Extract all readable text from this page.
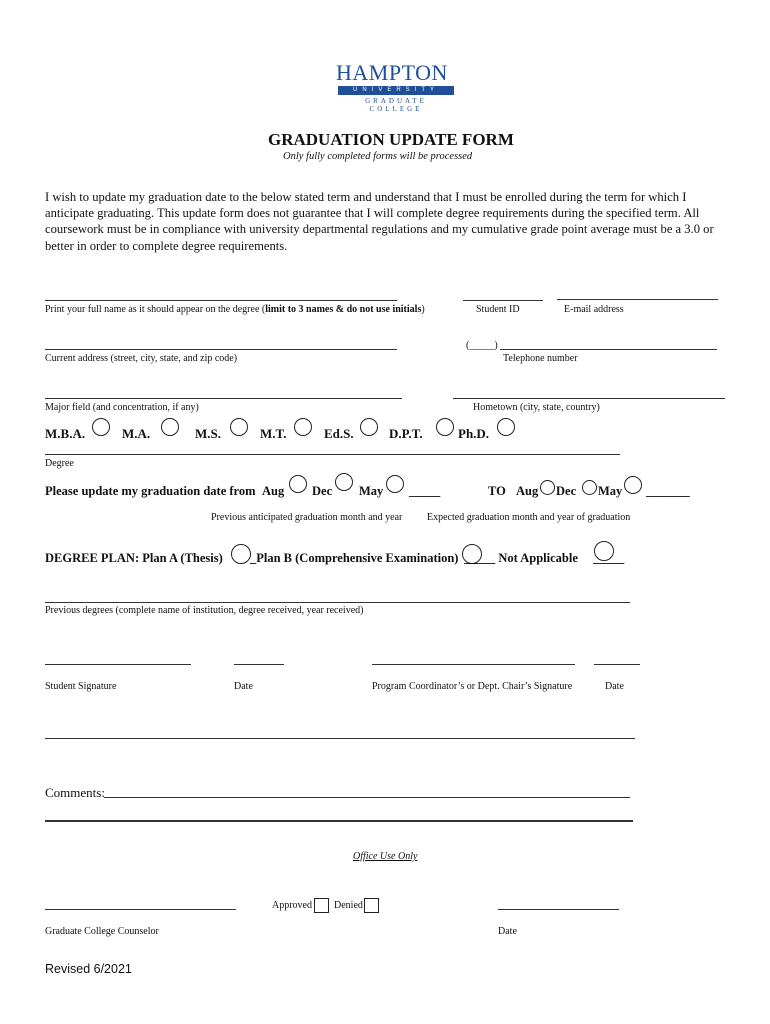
HAMPTON
UNIVERSITY
GRADUATE COLLEGE
GRADUATION UPDATE FORM
Only fully completed forms will be processed
I wish to update my graduation date to the below stated term and understand that I must be enrolled during the term for which I anticipate graduating. This update form does not guarantee that I will complete degree requirements during the specified term. All coursework must be in compliance with university departmental regulations and my cumulative grade point average must be a 3.0 or better in order to complete degree requirements.
Print your full name as it should appear on the degree (limit to 3 names & do not use initials)	Student ID	E-mail address
(_____)
Current address (street, city, state, and zip code)	Telephone number
Major field (and concentration, if any)	Hometown (city, state, country)
M.B.A.	M.A.	M.S.	M.T.	Ed.S.	D.P.T.	Ph.D.
Degree
Please update my graduation date from Aug Dec May _____	TO Aug Dec May _______
Previous anticipated graduation month and year Expected graduation month and year of graduation
DEGREE PLAN: Plan A (Thesis) _Plan B (Comprehensive Examination) _____ Not Applicable _____
Previous degrees (complete name of institution, degree received, year received)
Student Signature	Date	Program Coordinator’s or Dept. Chair’s Signature	Date
Comments:
Office Use Only
Approved Denied
Graduate College Counselor	Date
Revised 6/2021
